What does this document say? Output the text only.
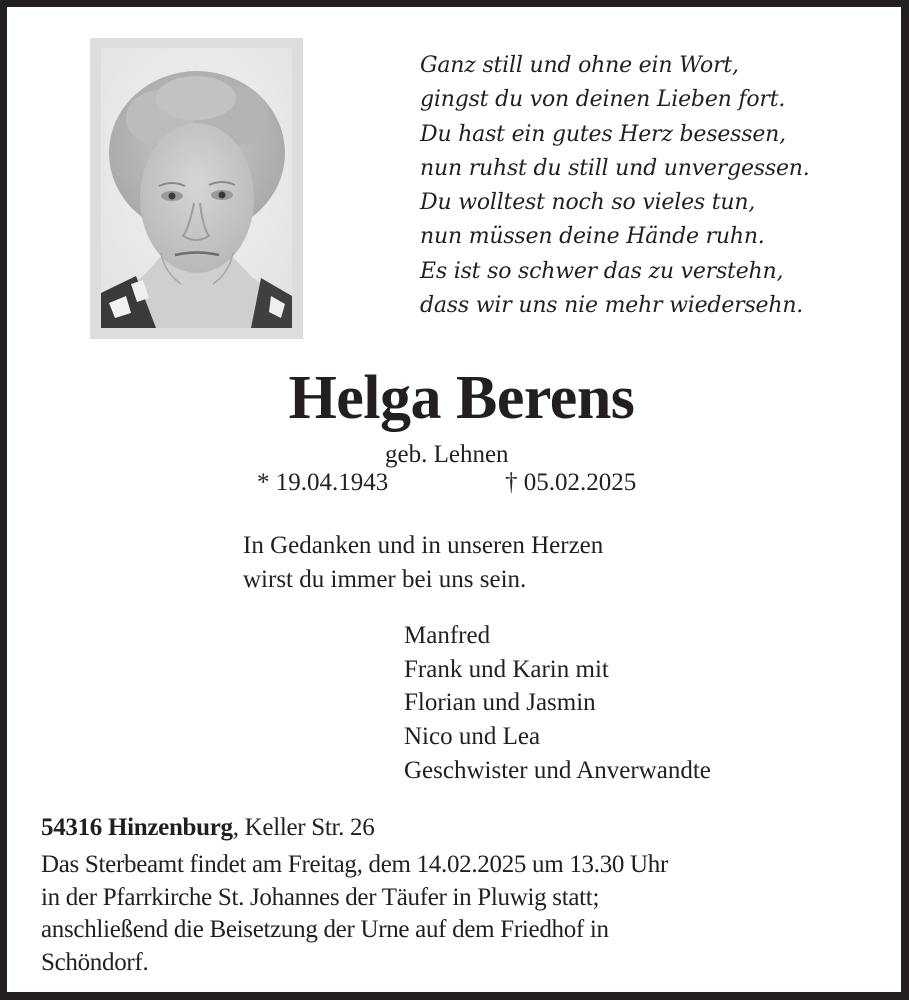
Ganz still und ohne ein Wort,
gingst du von deinen Lieben fort.
Du hast ein gutes Herz besessen,
nun ruhst du still und unvergessen.
Du wolltest noch so vieles tun,
nun müssen deine Hände ruhn.
Es ist so schwer das zu verstehn,
dass wir uns nie mehr wiedersehn.
Helga Berens
geb. Lehnen
* 19.04.1943	† 05.02.2025
In Gedanken und in unseren Herzen
wirst du immer bei uns sein.
Manfred
Frank und Karin mit
Florian und Jasmin
Nico und Lea
Geschwister und Anverwandte
54316 Hinzenburg, Keller Str. 26
Das Sterbeamt findet am Freitag, dem 14.02.2025 um 13.30 Uhr
in der Pfarrkirche St. Johannes der Täufer in Pluwig statt;
anschließend die Beisetzung der Urne auf dem Friedhof in
Schöndorf.
